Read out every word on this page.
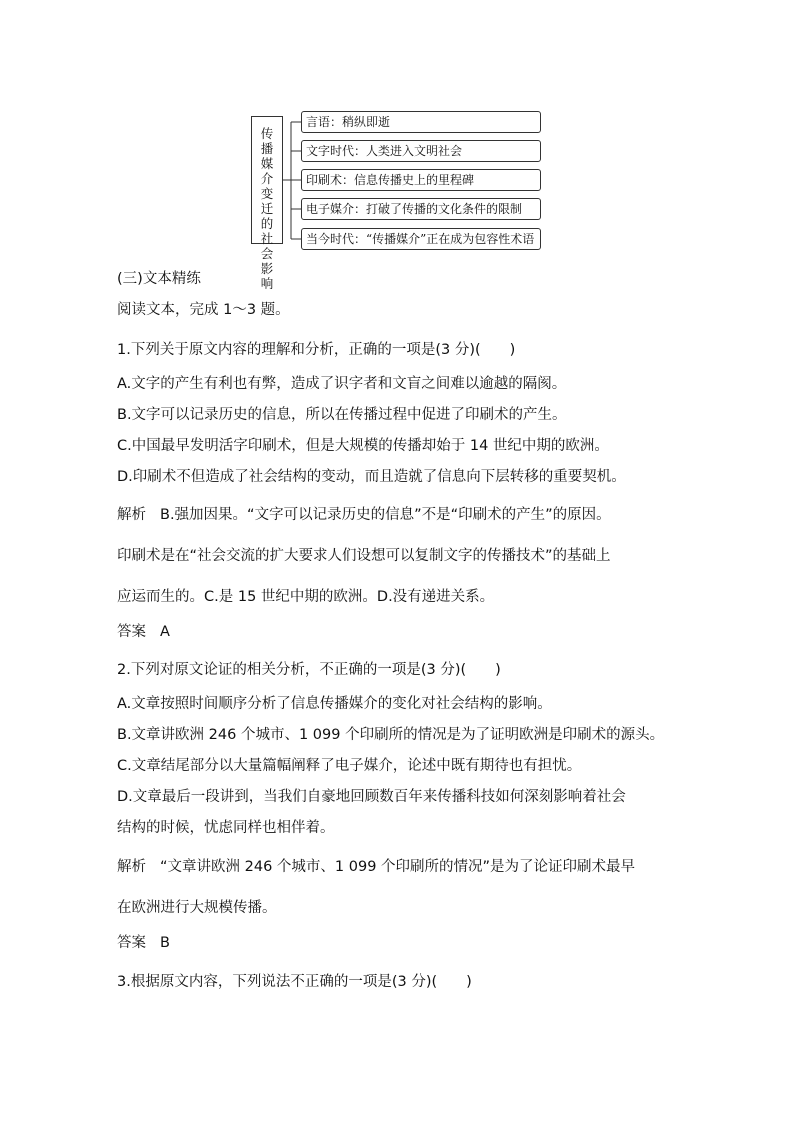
传播媒介变迁的社会影响
言语：稍纵即逝
文字时代：人类进入文明社会
印刷术：信息传播史上的里程碑
电子媒介：打破了传播的文化条件的限制
当今时代：“传播媒介”正在成为包容性术语
(三)文本精练
阅读文本，完成 1～3 题。
1.下列关于原文内容的理解和分析，正确的一项是(3 分)(　　)
A.文字的产生有利也有弊，造成了识字者和文盲之间难以逾越的隔阂。
B.文字可以记录历史的信息，所以在传播过程中促进了印刷术的产生。
C.中国最早发明活字印刷术，但是大规模的传播却始于 14 世纪中期的欧洲。
D.印刷术不但造成了社会结构的变动，而且造就了信息向下层转移的重要契机。
解析 B.强加因果。“文字可以记录历史的信息”不是“印刷术的产生”的原因。
印刷术是在“社会交流的扩大要求人们设想可以复制文字的传播技术”的基础上
应运而生的。C.是 15 世纪中期的欧洲。D.没有递进关系。
答案 A
2.下列对原文论证的相关分析，不正确的一项是(3 分)(　　)
A.文章按照时间顺序分析了信息传播媒介的变化对社会结构的影响。
B.文章讲欧洲 246 个城市、1 099 个印刷所的情况是为了证明欧洲是印刷术的源头。
C.文章结尾部分以大量篇幅阐释了电子媒介，论述中既有期待也有担忧。
D.文章最后一段讲到，当我们自豪地回顾数百年来传播科技如何深刻影响着社会
结构的时候，忧虑同样也相伴着。
解析 “文章讲欧洲 246 个城市、1 099 个印刷所的情况”是为了论证印刷术最早
在欧洲进行大规模传播。
答案 B
3.根据原文内容，下列说法不正确的一项是(3 分)(　　)
